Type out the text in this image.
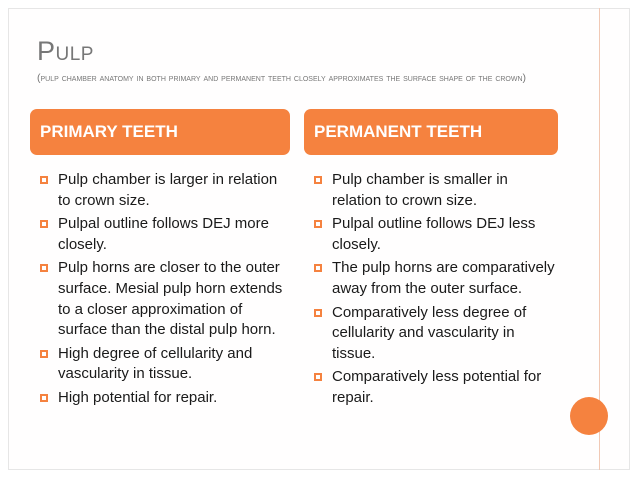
Pulp
(pulp chamber anatomy in both primary and permanent teeth closely approximates the surface shape of the crown)
PRIMARY TEETH	PERMANENT TEETH
Pulp chamber is larger in relation to crown size.
Pulpal outline follows DEJ more closely.
Pulp horns are closer to the outer surface. Mesial pulp horn extends to a closer approximation of surface than the distal pulp horn.
High degree of cellularity and vascularity in tissue.
High potential for repair.
Pulp chamber is smaller in relation to crown size.
Pulpal outline follows DEJ less closely.
The pulp horns are comparatively away from the outer surface.
Comparatively less degree of cellularity and vascularity in tissue.
Comparatively less potential for repair.
